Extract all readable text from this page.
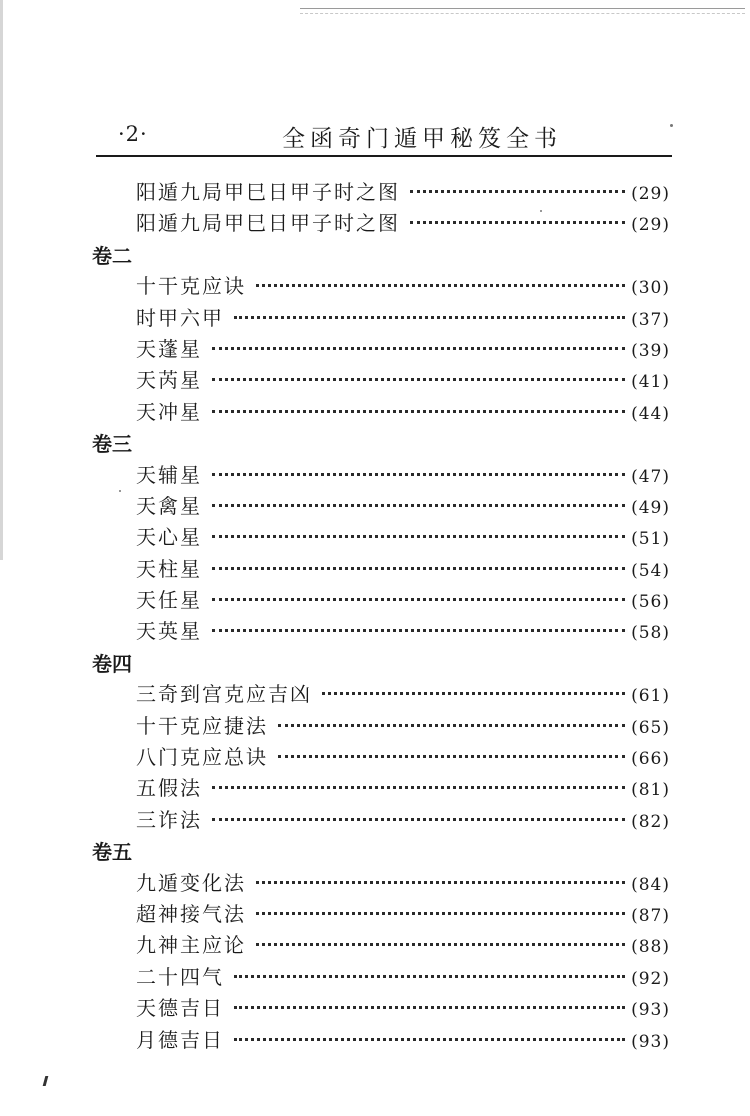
·2·	全函奇门遁甲秘笈全书
阳遁九局甲巳日甲子时之图	(29)
阳遁九局甲巳日甲子时之图	(29)
卷二
十干克应诀	(30)
时甲六甲	(37)
天蓬星	(39)
天芮星	(41)
天冲星	(44)
卷三
天辅星	(47)
天禽星	(49)
天心星	(51)
天柱星	(54)
天任星	(56)
天英星	(58)
卷四
三奇到宫克应吉凶	(61)
十干克应捷法	(65)
八门克应总诀	(66)
五假法	(81)
三诈法	(82)
卷五
九遁变化法	(84)
超神接气法	(87)
九神主应论	(88)
二十四气	(92)
天德吉日	(93)
月德吉日	(93)
